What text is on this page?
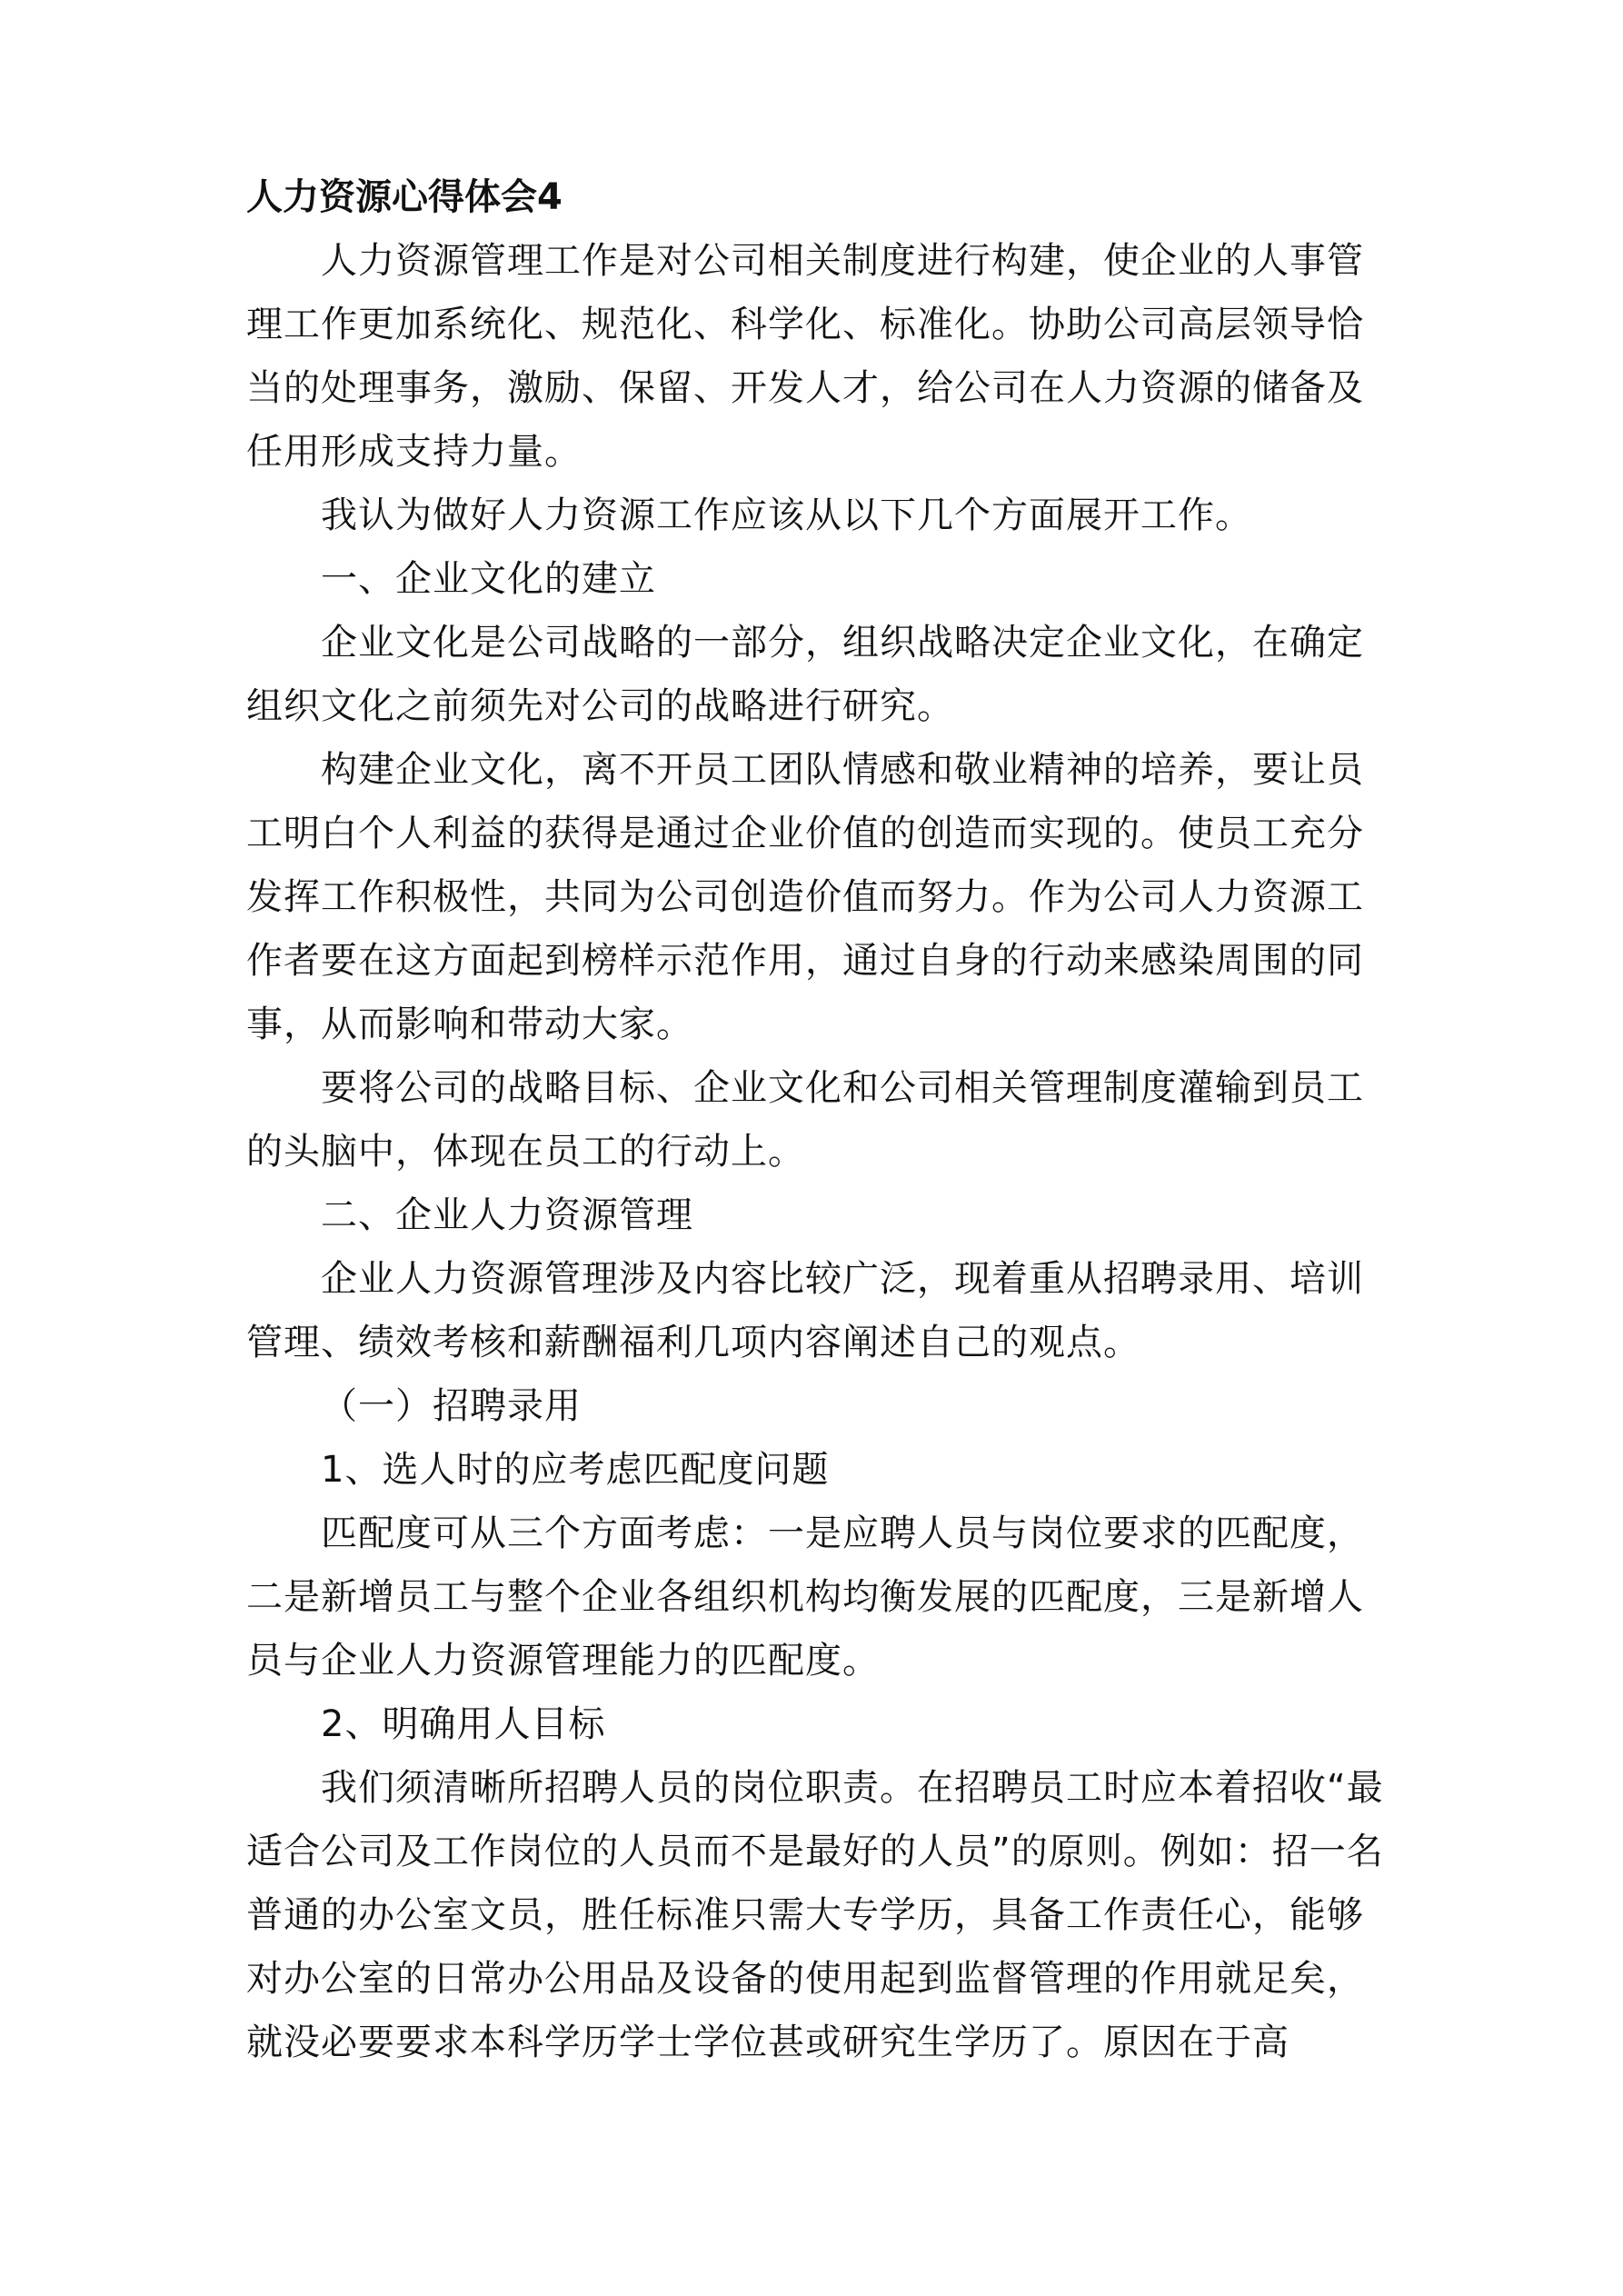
人力资源心得体会4

人力资源管理工作是对公司相关制度进行构建，使企业的人事管理工作更加系统化、规范化、科学化、标准化。协助公司高层领导恰当的处理事务，激励、保留、开发人才，给公司在人力资源的储备及任用形成支持力量。

我认为做好人力资源工作应该从以下几个方面展开工作。

一、企业文化的建立

企业文化是公司战略的一部分，组织战略决定企业文化，在确定组织文化之前须先对公司的战略进行研究。

构建企业文化，离不开员工团队情感和敬业精神的培养，要让员工明白个人利益的获得是通过企业价值的创造而实现的。使员工充分发挥工作积极性，共同为公司创造价值而努力。作为公司人力资源工作者要在这方面起到榜样示范作用，通过自身的行动来感染周围的同事，从而影响和带动大家。

要将公司的战略目标、企业文化和公司相关管理制度灌输到员工的头脑中，体现在员工的行动上。

二、企业人力资源管理

企业人力资源管理涉及内容比较广泛，现着重从招聘录用、培训管理、绩效考核和薪酬福利几项内容阐述自己的观点。

（一）招聘录用

1、选人时的应考虑匹配度问题

匹配度可从三个方面考虑：一是应聘人员与岗位要求的匹配度，二是新增员工与整个企业各组织机构均衡发展的匹配度，三是新增人员与企业人力资源管理能力的匹配度。

2、明确用人目标

我们须清晰所招聘人员的岗位职责。在招聘员工时应本着招收“最适合公司及工作岗位的人员而不是最好的人员”的原则。例如：招一名普通的办公室文员，胜任标准只需大专学历，具备工作责任心，能够对办公室的日常办公用品及设备的使用起到监督管理的作用就足矣，就没必要要求本科学历学士学位甚或研究生学历了。原因在于高
